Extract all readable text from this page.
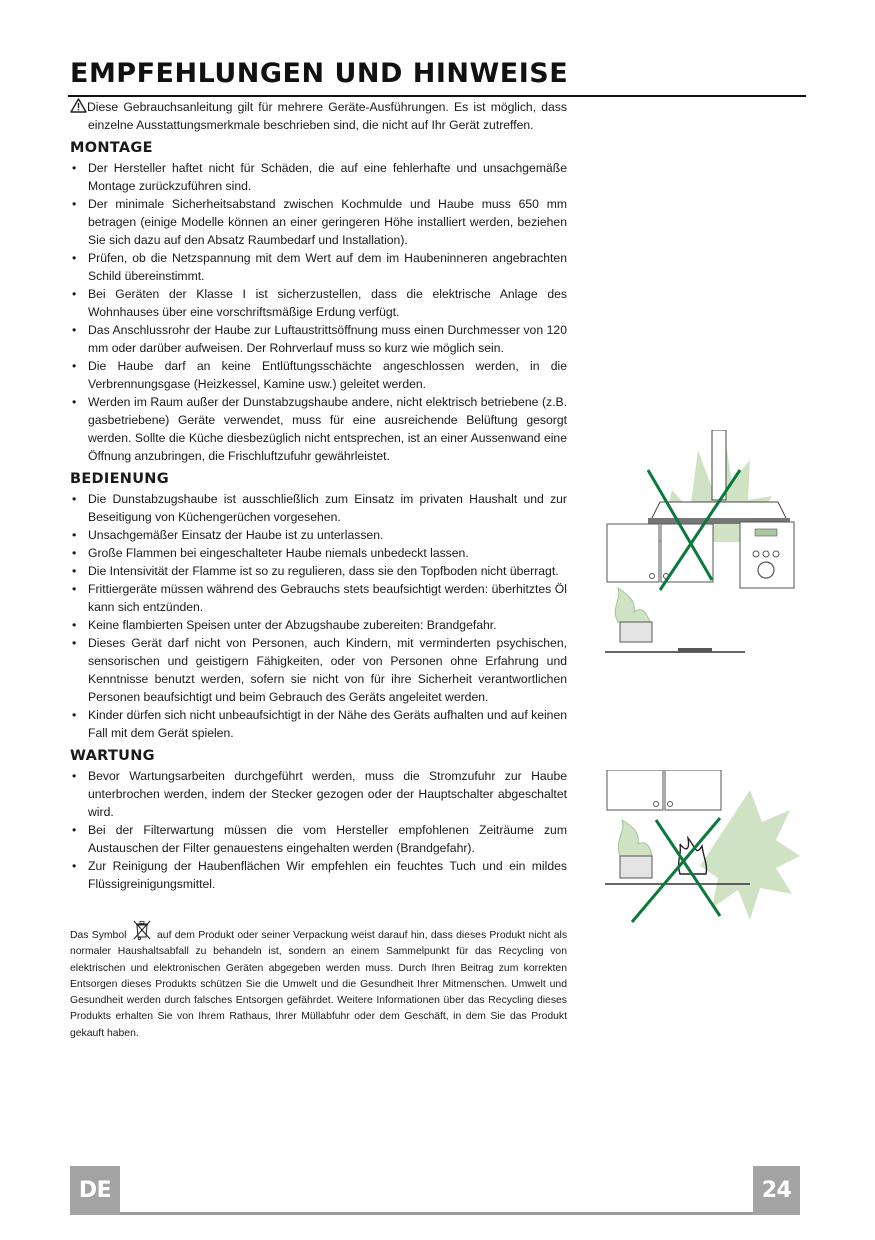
EMPFEHLUNGEN UND HINWEISE

Diese Gebrauchsanleitung gilt für mehrere Geräte-Ausführungen. Es ist möglich, dass einzelne Ausstattungsmerkmale beschrieben sind, die nicht auf Ihr Gerät zutreffen.

MONTAGE
• Der Hersteller haftet nicht für Schäden, die auf eine fehlerhafte und unsachgemäße Montage zurückzuführen sind.
• Der minimale Sicherheitsabstand zwischen Kochmulde und Haube muss 650 mm betragen (einige Modelle können an einer geringeren Höhe installiert werden, beziehen Sie sich dazu auf den Absatz Raumbedarf und Installation).
• Prüfen, ob die Netzspannung mit dem Wert auf dem im Haubeninneren angebrachten Schild übereinstimmt.
• Bei Geräten der Klasse I ist sicherzustellen, dass die elektrische Anlage des Wohnhauses über eine vorschriftsmäßige Erdung verfügt.
• Das Anschlussrohr der Haube zur Luftaustrittsöffnung muss einen Durchmesser von 120 mm oder darüber aufweisen. Der Rohrverlauf muss so kurz wie möglich sein.
• Die Haube darf an keine Entlüftungsschächte angeschlossen werden, in die Verbrennungsgase (Heizkessel, Kamine usw.) geleitet werden.
• Werden im Raum außer der Dunstabzugshaube andere, nicht elektrisch betriebene (z.B. gasbetriebene) Geräte verwendet, muss für eine ausreichende Belüftung gesorgt werden. Sollte die Küche diesbezüglich nicht entsprechen, ist an einer Aussenwand eine Öffnung anzubringen, die Frischluftzufuhr gewährleistet.
BEDIENUNG
• Die Dunstabzugshaube ist ausschließlich zum Einsatz im privaten Haushalt und zur Beseitigung von Küchengerüchen vorgesehen.
• Unsachgemäßer Einsatz der Haube ist zu unterlassen.
• Große Flammen bei eingeschalteter Haube niemals unbedeckt lassen.
• Die Intensivität der Flamme ist so zu regulieren, dass sie den Topfboden nicht überragt.
• Frittiergeräte müssen während des Gebrauchs stets beaufsichtigt werden: überhitztes Öl kann sich entzünden.
• Keine flambierten Speisen unter der Abzugshaube zubereiten: Brandgefahr.
• Dieses Gerät darf nicht von Personen, auch Kindern, mit verminderten psychischen, sensorischen und geistigern Fähigkeiten, oder von Personen ohne Erfahrung und Kenntnisse benutzt werden, sofern sie nicht von für ihre Sicherheit verantwortlichen Personen beaufsichtigt und beim Gebrauch des Geräts angeleitet werden.
• Kinder dürfen sich nicht unbeaufsichtigt in der Nähe des Geräts aufhalten und auf keinen Fall mit dem Gerät spielen.
WARTUNG
• Bevor Wartungsarbeiten durchgeführt werden, muss die Stromzufuhr zur Haube unterbrochen werden, indem der Stecker gezogen oder der Hauptschalter abgeschaltet wird.
• Bei der Filterwartung müssen die vom Hersteller empfohlenen Zeiträume zum Austauschen der Filter genauestens eingehalten werden (Brandgefahr).
• Zur Reinigung der Haubenflächen Wir empfehlen ein feuchtes Tuch und ein mildes Flüssigreinigungsmittel.

Das Symbol	auf dem Produkt oder seiner Verpackung weist darauf hin, dass dieses Produkt nicht als normaler Haushaltsabfall zu behandeln ist, sondern an einem Sammelpunkt für das Recycling von elektrischen und elektronischen Geräten abgegeben werden muss. Durch Ihren Beitrag zum korrekten Entsorgen dieses Produkts schützen Sie die Umwelt und die Gesundheit Ihrer Mitmenschen. Umwelt und Gesundheit werden durch falsches Entsorgen gefährdet. Weitere Informationen über das Recycling dieses Produkts erhalten Sie von Ihrem Rathaus, Ihrer Müllabfuhr oder dem Geschäft, in dem Sie das Produkt gekauft haben.

DE	24
